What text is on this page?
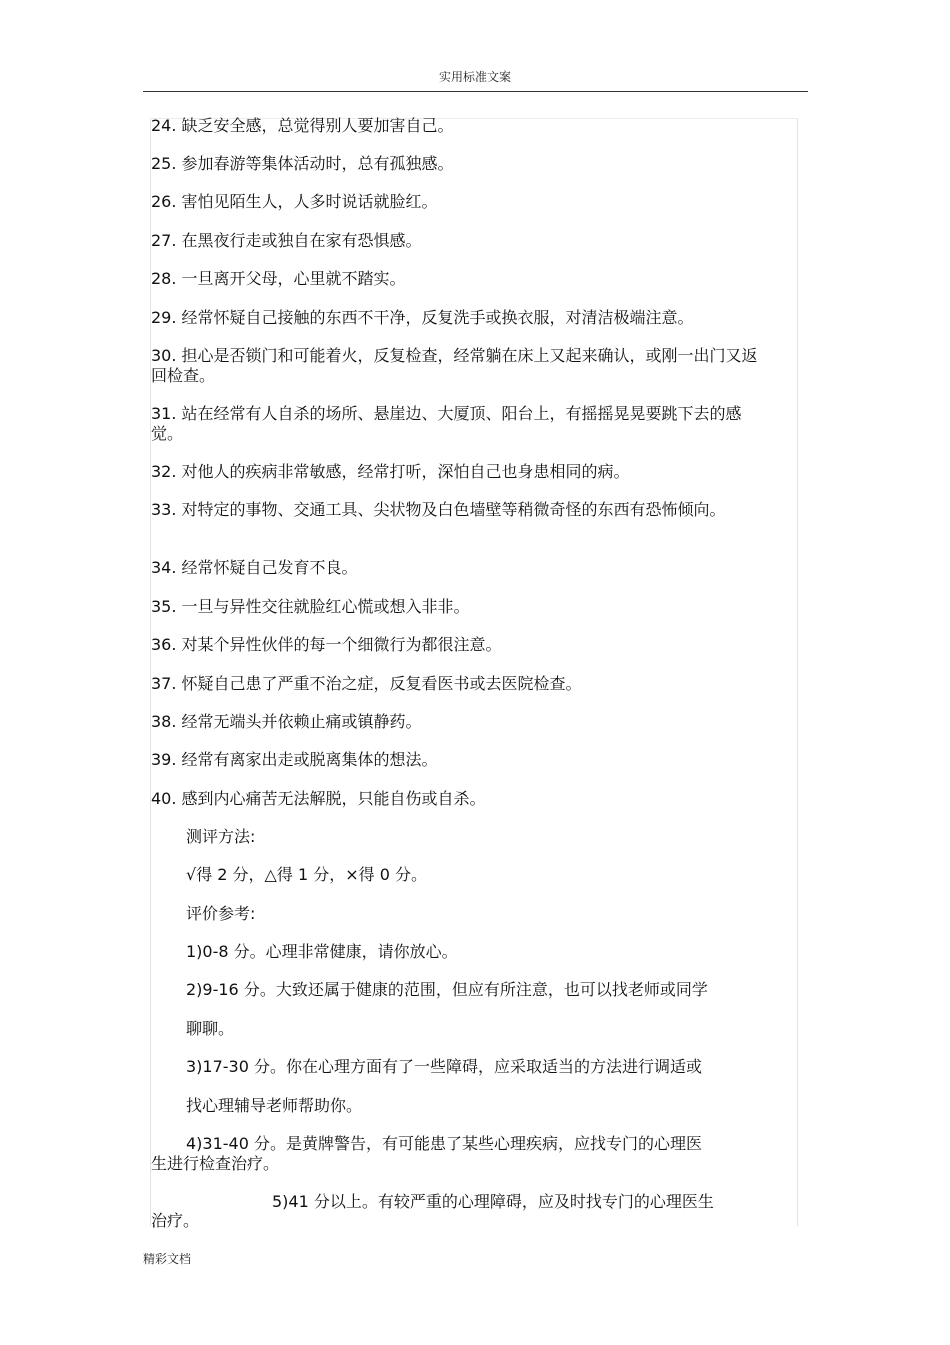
实用标准文案
24. 缺乏安全感，总觉得别人要加害自己。
25. 参加春游等集体活动时，总有孤独感。
26. 害怕见陌生人，人多时说话就脸红。
27. 在黑夜行走或独自在家有恐惧感。
28. 一旦离开父母，心里就不踏实。
29. 经常怀疑自己接触的东西不干净，反复洗手或换衣服，对清洁极端注意。
30. 担心是否锁门和可能着火，反复检查，经常躺在床上又起来确认，或刚一出门又返回检查。
31. 站在经常有人自杀的场所、悬崖边、大厦顶、阳台上，有摇摇晃晃要跳下去的感觉。
32. 对他人的疾病非常敏感，经常打听，深怕自己也身患相同的病。
33. 对特定的事物、交通工具、尖状物及白色墙壁等稍微奇怪的东西有恐怖倾向。
34. 经常怀疑自己发育不良。
35. 一旦与异性交往就脸红心慌或想入非非。
36. 对某个异性伙伴的每一个细微行为都很注意。
37. 怀疑自己患了严重不治之症，反复看医书或去医院检查。
38. 经常无端头并依赖止痛或镇静药。
39. 经常有离家出走或脱离集体的想法。
40. 感到内心痛苦无法解脱，只能自伤或自杀。
测评方法:
√得 2 分，△得 1 分，×得 0 分。
评价参考:
1)0-8 分。心理非常健康，请你放心。
2)9-16 分。大致还属于健康的范围，但应有所注意，也可以找老师或同学
聊聊。
3)17-30 分。你在心理方面有了一些障碍，应采取适当的方法进行调适或
找心理辅导老师帮助你。
4)31-40 分。是黄牌警告，有可能患了某些心理疾病，应找专门的心理医
生进行检查治疗。
5)41 分以上。有较严重的心理障碍，应及时找专门的心理医生
治疗。
精彩文档
